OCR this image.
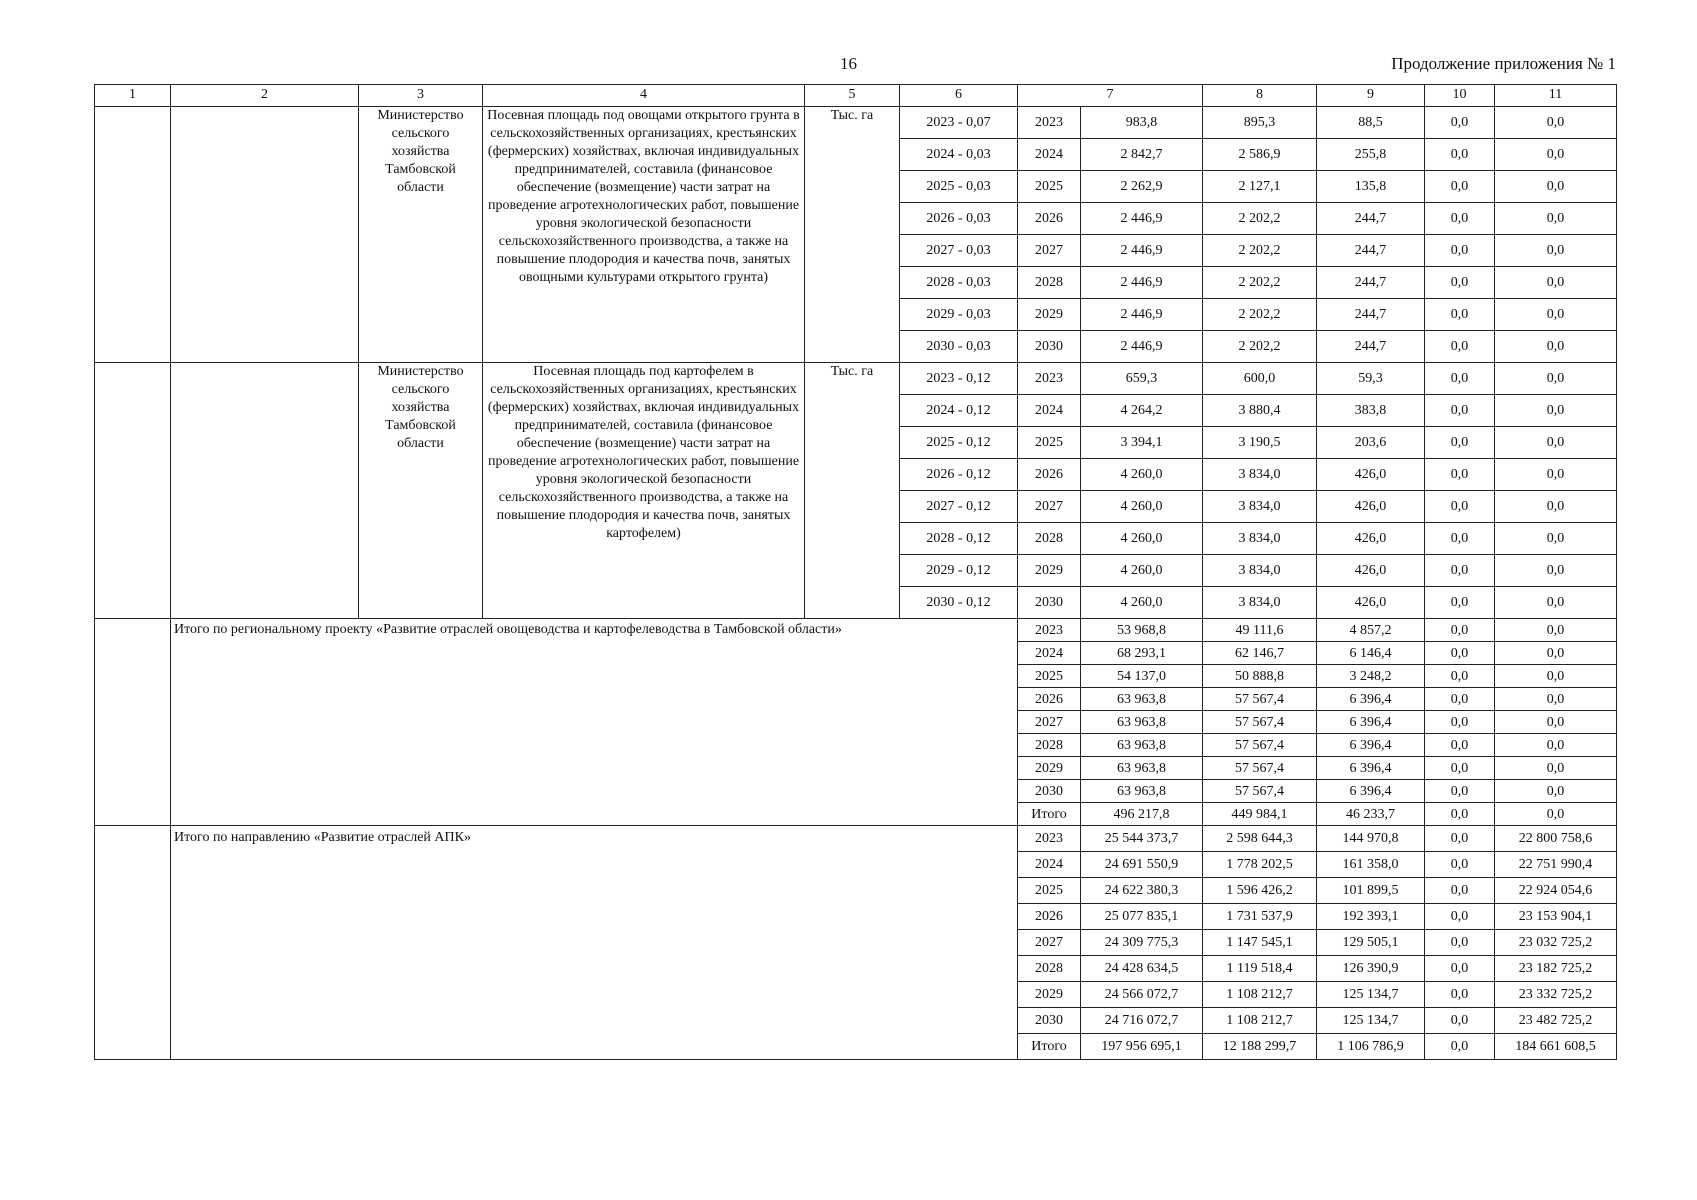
16	Продолжение приложения № 1
1	2	3	4	5	6	7		8	9	10	11
		Министерство сельского хозяйства Тамбовской области	Посевная площадь под овощами открытого грунта в сельскохозяйственных организациях, крестьянских (фермерских) хозяйствах, включая индивидуальных предпринимателей, составила (финансовое обеспечение (возмещение) части затрат на проведение агротехнологических работ, повышение уровня экологической безопасности сельскохозяйственного производства, а также на повышение плодородия и качества почв, занятых овощными культурами открытого грунта)	Тыс. га	2023 - 0,07	2023	983,8	895,3	88,5	0,0	0,0
					2024 - 0,03	2024	2 842,7	2 586,9	255,8	0,0	0,0
					2025 - 0,03	2025	2 262,9	2 127,1	135,8	0,0	0,0
					2026 - 0,03	2026	2 446,9	2 202,2	244,7	0,0	0,0
					2027 - 0,03	2027	2 446,9	2 202,2	244,7	0,0	0,0
					2028 - 0,03	2028	2 446,9	2 202,2	244,7	0,0	0,0
					2029 - 0,03	2029	2 446,9	2 202,2	244,7	0,0	0,0
					2030 - 0,03	2030	2 446,9	2 202,2	244,7	0,0	0,0
		Министерство сельского хозяйства Тамбовской области	Посевная площадь под картофелем в сельскохозяйственных организациях, крестьянских (фермерских) хозяйствах, включая индивидуальных предпринимателей, составила (финансовое обеспечение (возмещение) части затрат на проведение агротехнологических работ, повышение уровня экологической безопасности сельскохозяйственного производства, а также на повышение плодородия и качества почв, занятых картофелем)	Тыс. га	2023 - 0,12	2023	659,3	600,0	59,3	0,0	0,0
					2024 - 0,12	2024	4 264,2	3 880,4	383,8	0,0	0,0
					2025 - 0,12	2025	3 394,1	3 190,5	203,6	0,0	0,0
					2026 - 0,12	2026	4 260,0	3 834,0	426,0	0,0	0,0
					2027 - 0,12	2027	4 260,0	3 834,0	426,0	0,0	0,0
					2028 - 0,12	2028	4 260,0	3 834,0	426,0	0,0	0,0
					2029 - 0,12	2029	4 260,0	3 834,0	426,0	0,0	0,0
					2030 - 0,12	2030	4 260,0	3 834,0	426,0	0,0	0,0
	Итого по региональному проекту «Развитие отраслей овощеводства и картофелеводства в Тамбовской области»					2023	53 968,8	49 111,6	4 857,2	0,0	0,0
						2024	68 293,1	62 146,7	6 146,4	0,0	0,0
						2025	54 137,0	50 888,8	3 248,2	0,0	0,0
						2026	63 963,8	57 567,4	6 396,4	0,0	0,0
						2027	63 963,8	57 567,4	6 396,4	0,0	0,0
						2028	63 963,8	57 567,4	6 396,4	0,0	0,0
						2029	63 963,8	57 567,4	6 396,4	0,0	0,0
						2030	63 963,8	57 567,4	6 396,4	0,0	0,0
						Итого	496 217,8	449 984,1	46 233,7	0,0	0,0
	Итого по направлению «Развитие отраслей АПК»					2023	25 544 373,7	2 598 644,3	144 970,8	0,0	22 800 758,6
						2024	24 691 550,9	1 778 202,5	161 358,0	0,0	22 751 990,4
						2025	24 622 380,3	1 596 426,2	101 899,5	0,0	22 924 054,6
						2026	25 077 835,1	1 731 537,9	192 393,1	0,0	23 153 904,1
						2027	24 309 775,3	1 147 545,1	129 505,1	0,0	23 032 725,2
						2028	24 428 634,5	1 119 518,4	126 390,9	0,0	23 182 725,2
						2029	24 566 072,7	1 108 212,7	125 134,7	0,0	23 332 725,2
						2030	24 716 072,7	1 108 212,7	125 134,7	0,0	23 482 725,2
						Итого	197 956 695,1	12 188 299,7	1 106 786,9	0,0	184 661 608,5
